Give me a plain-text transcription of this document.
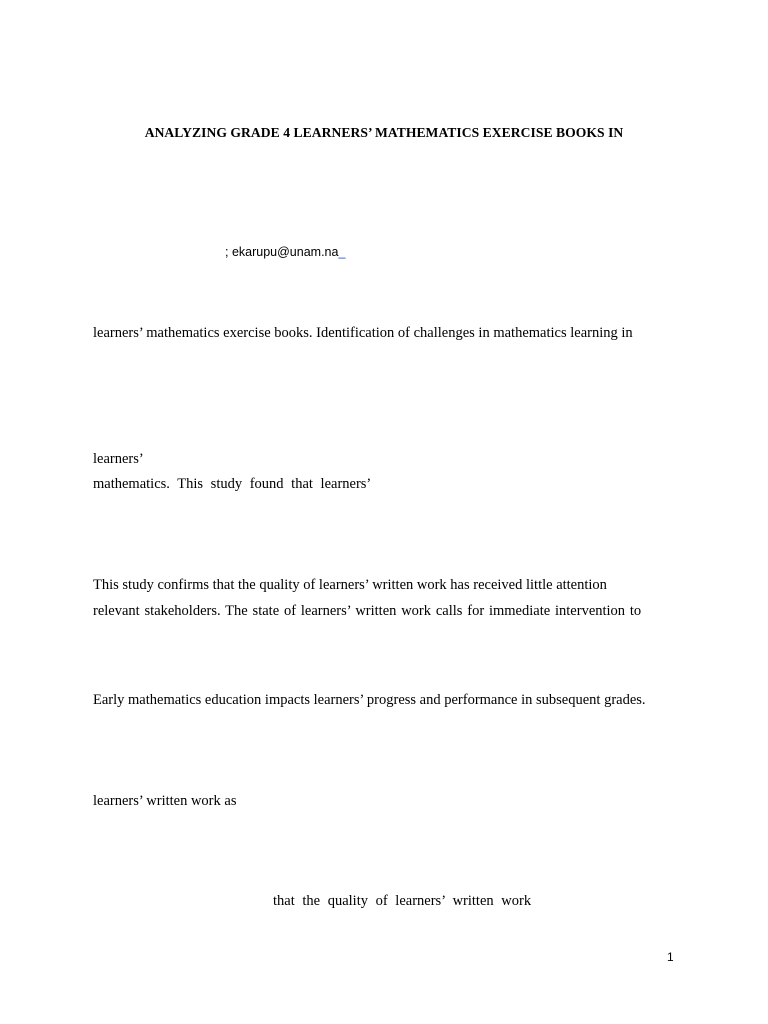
ANALYZING GRADE 4 LEARNERS’ MATHEMATICS EXERCISE BOOKS IN
; ekarupu@unam.na_
learners’ mathematics exercise books. Identification of challenges in mathematics learning in
learners’
mathematics. This study found that learners’
This study confirms that the quality of learners’ written work has received little attention
relevant stakeholders. The state of learners’ written work calls for immediate intervention to
Early mathematics education impacts learners’ progress and performance in subsequent grades.
learners’ written work as
that the quality of learners’ written work
1
